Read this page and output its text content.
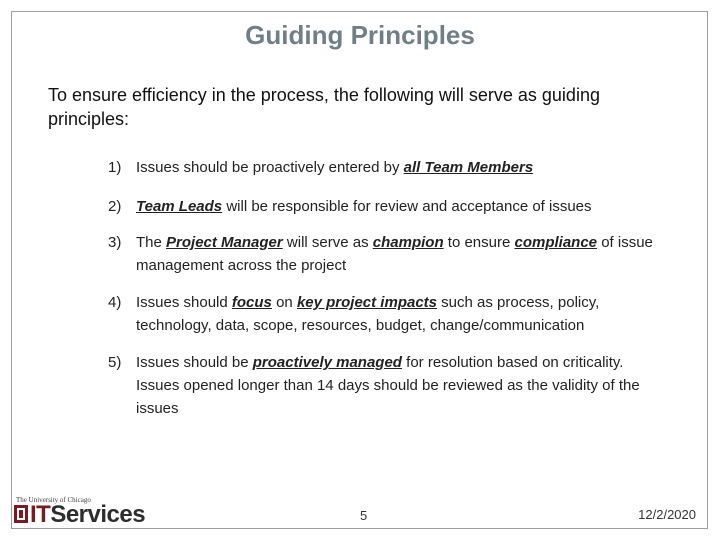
Guiding Principles
To ensure efficiency in the process, the following will serve as guiding principles:
1) Issues should be proactively entered by all Team Members
2) Team Leads will be responsible for review and acceptance of issues
3) The Project Manager will serve as champion to ensure compliance of issue management across the project
4) Issues should focus on key project impacts such as process, policy, technology, data, scope, resources, budget, change/communication
5) Issues should be proactively managed for resolution based on criticality. Issues opened longer than 14 days should be reviewed as the validity of the issues
The University of Chicago
ITServices	5	12/2/2020
